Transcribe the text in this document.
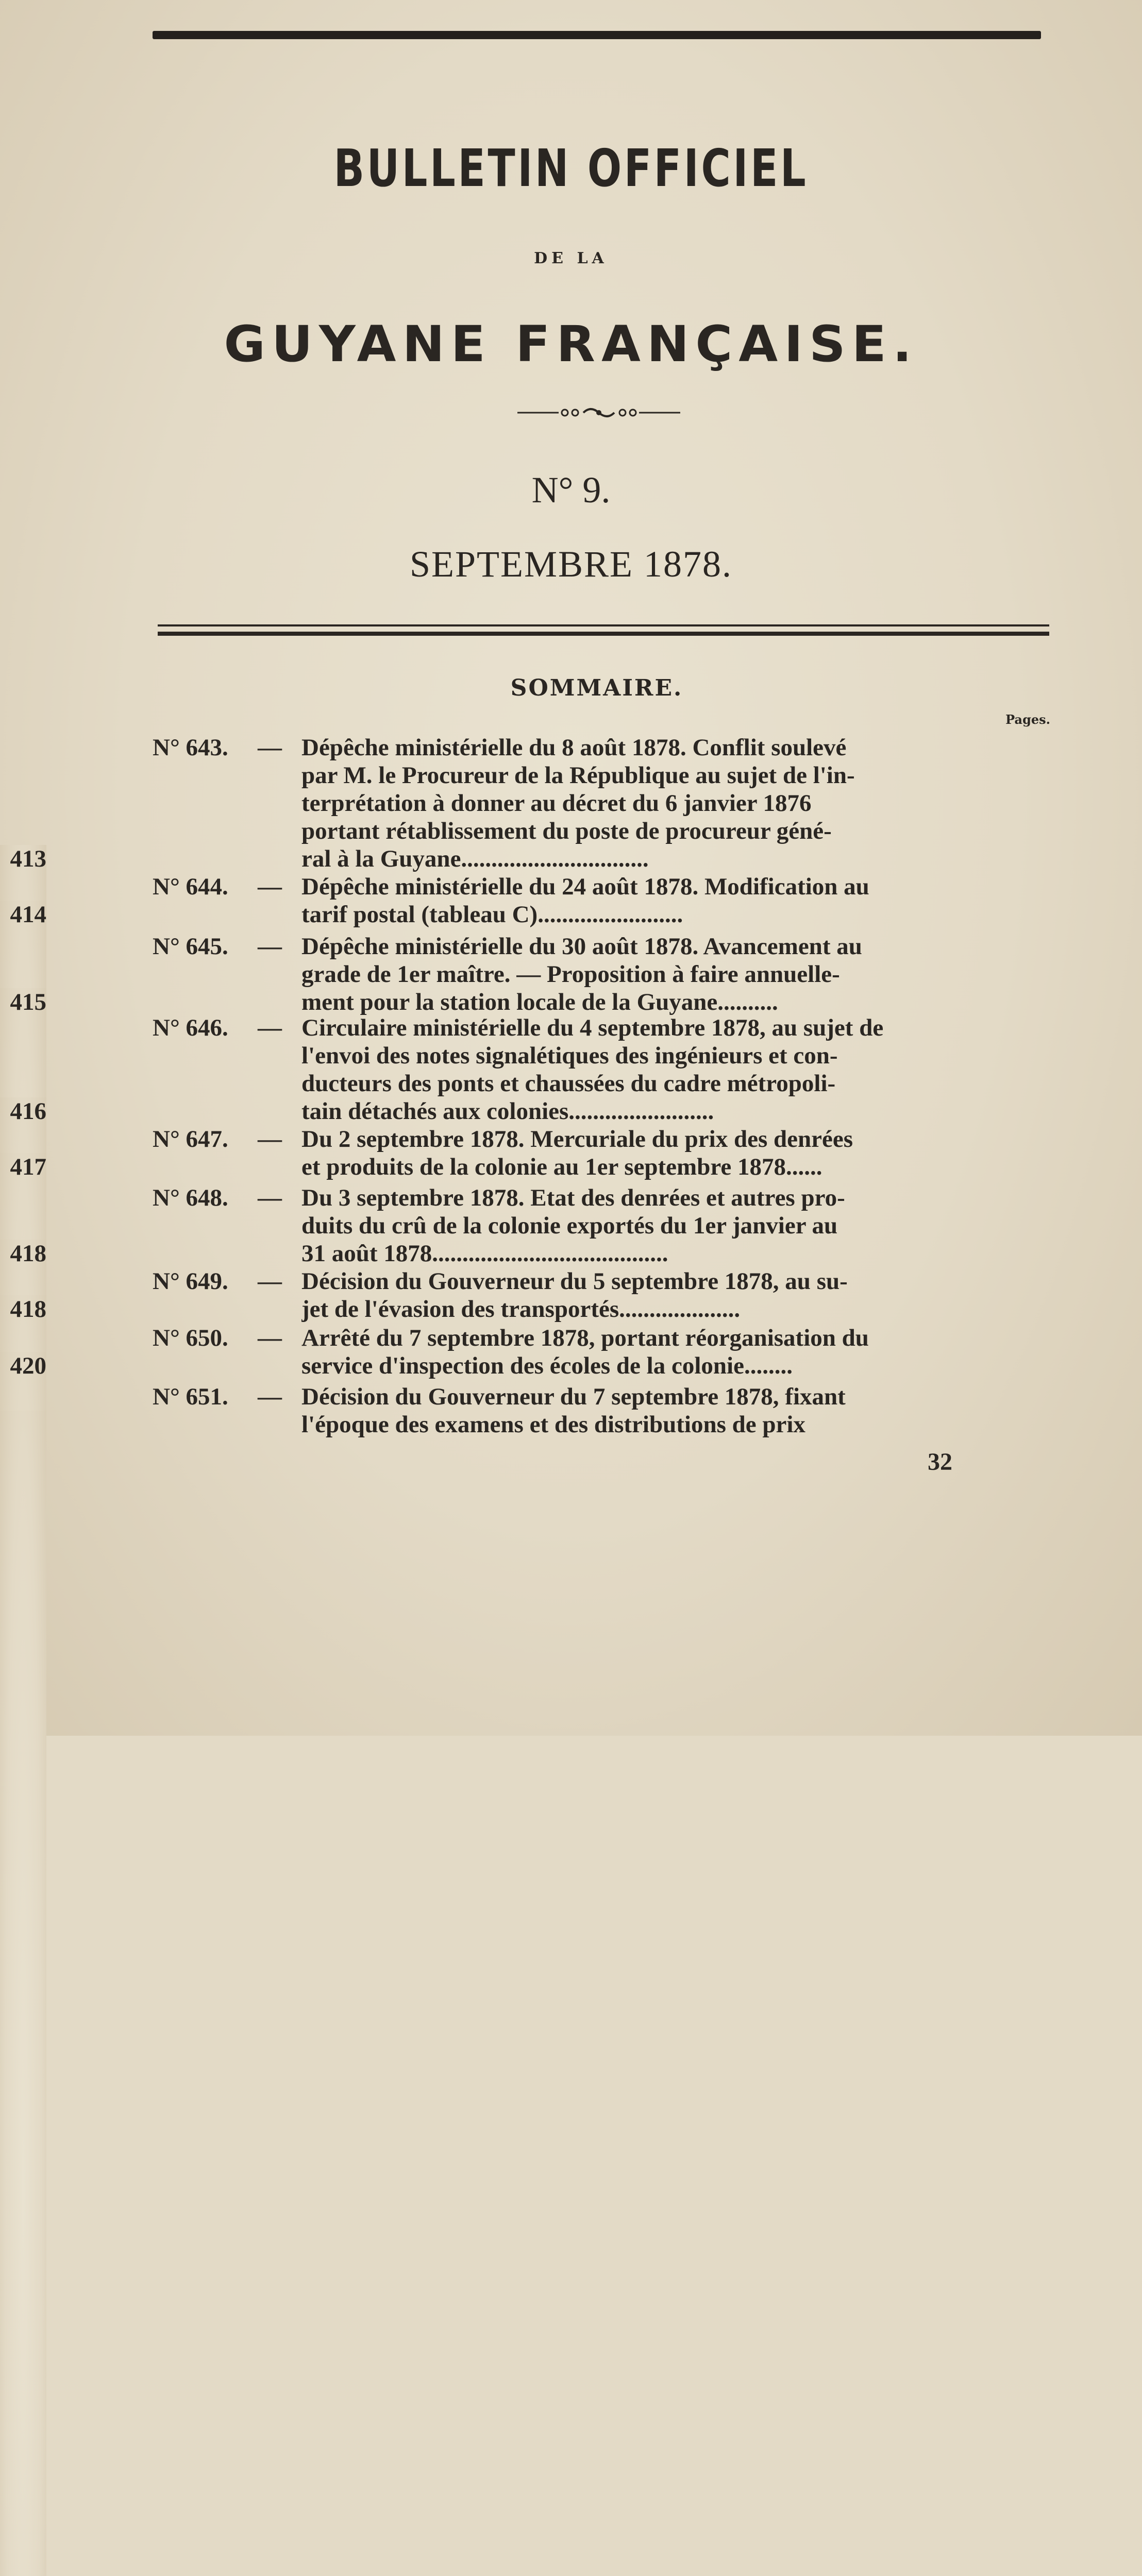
BULLETIN OFFICIEL
DE LA
GUYANE FRANÇAISE.
N° 9.
SEPTEMBRE 1878.
SOMMAIRE.
Pages.
N° 643. — Dépêche ministérielle du 8 août 1878. Conflit soulevé
par M. le Procureur de la République au sujet de l'in-
terprétation à donner au décret du 6 janvier 1876
portant rétablissement du poste de procureur géné-
ral à la Guyane...............................
413
N° 644. — Dépêche ministérielle du 24 août 1878. Modification au
tarif postal (tableau C)........................
414
N° 645. — Dépêche ministérielle du 30 août 1878. Avancement au
grade de 1er maître. — Proposition à faire annuelle-
ment pour la station locale de la Guyane..........
415
N° 646. — Circulaire ministérielle du 4 septembre 1878, au sujet de
l'envoi des notes signalétiques des ingénieurs et con-
ducteurs des ponts et chaussées du cadre métropoli-
tain détachés aux colonies........................
416
N° 647. — Du 2 septembre 1878. Mercuriale du prix des denrées
et produits de la colonie au 1er septembre 1878......
417
N° 648. — Du 3 septembre 1878. Etat des denrées et autres pro-
duits du crû de la colonie exportés du 1er janvier au
31 août 1878.......................................
418
N° 649. — Décision du Gouverneur du 5 septembre 1878, au su-
jet de l'évasion des transportés....................
418
N° 650. — Arrêté du 7 septembre 1878, portant réorganisation du
service d'inspection des écoles de la colonie........
420
N° 651. — Décision du Gouverneur du 7 septembre 1878, fixant
l'époque des examens et des distributions de prix
32
